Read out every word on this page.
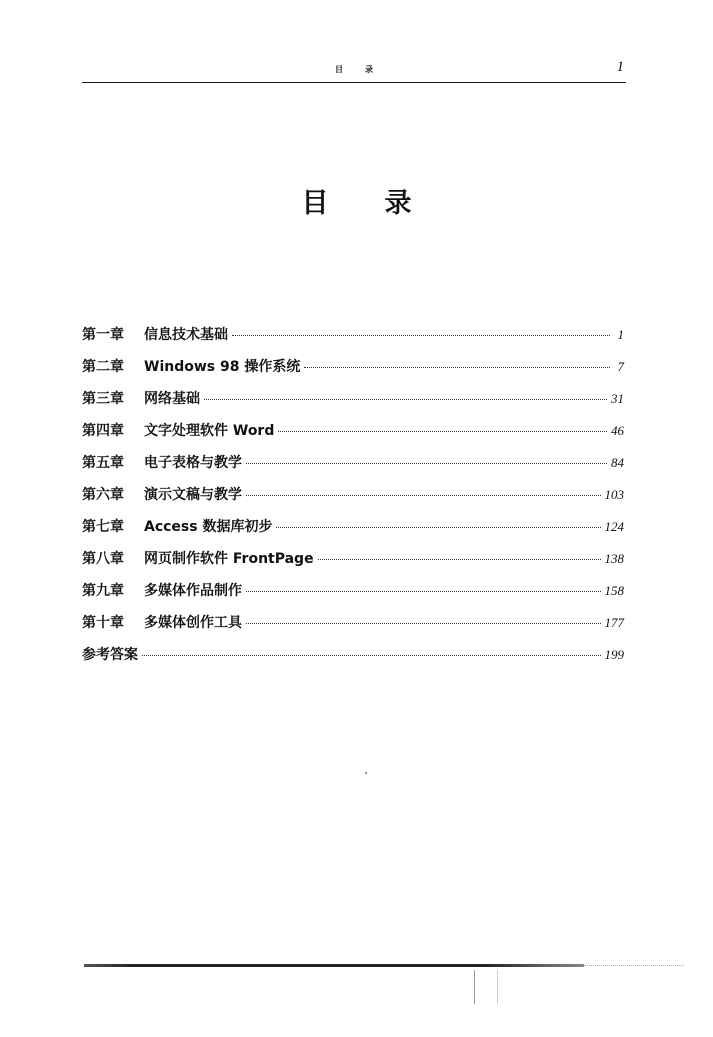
目录	1
目录
第一章	信息技术基础	1
第二章	Windows 98 操作系统	7
第三章	网络基础	31
第四章	文字处理软件 Word	46
第五章	电子表格与教学	84
第六章	演示文稿与教学	103
第七章	Access 数据库初步	124
第八章	网页制作软件 FrontPage	138
第九章	多媒体作品制作	158
第十章	多媒体创作工具	177
参考答案	199
